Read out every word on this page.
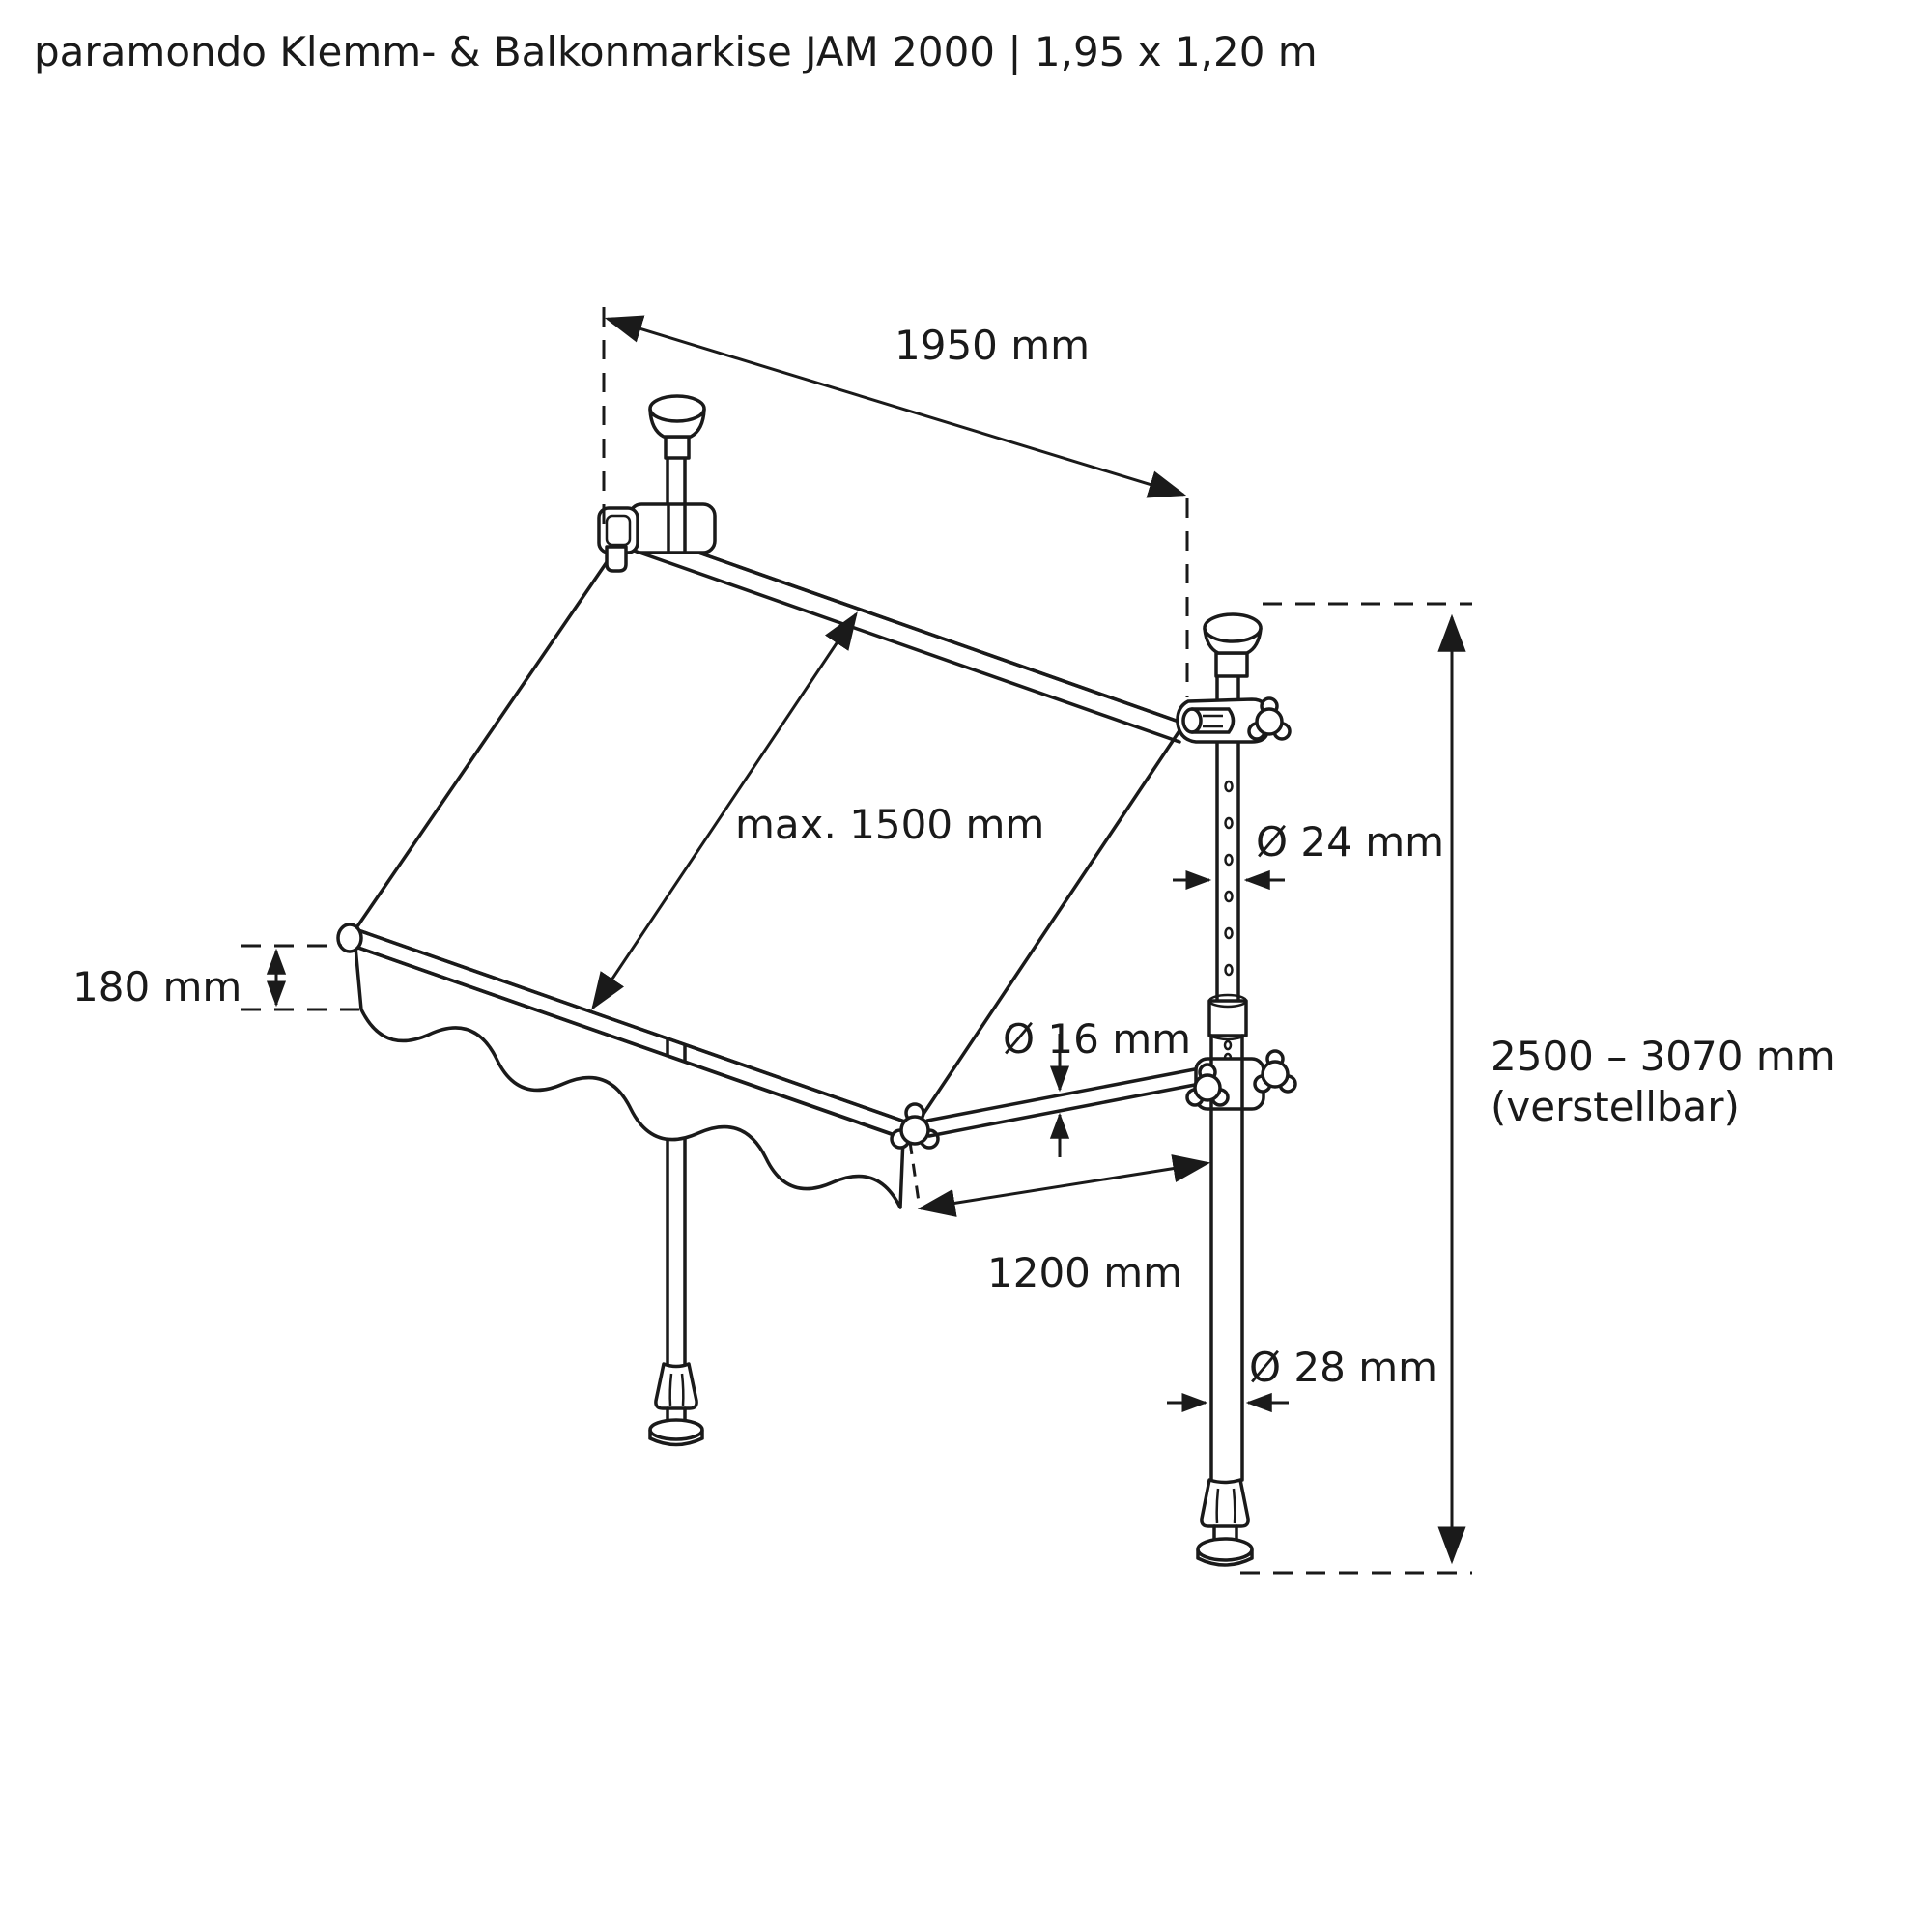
paramondo Klemm- & Balkonmarkise JAM 2000 | 1,95 x 1,20 m
1950 mm
max. 1500 mm
180 mm
Ø 24 mm
Ø 16 mm
1200 mm
Ø 28 mm
2500 – 3070 mm
(verstellbar)
